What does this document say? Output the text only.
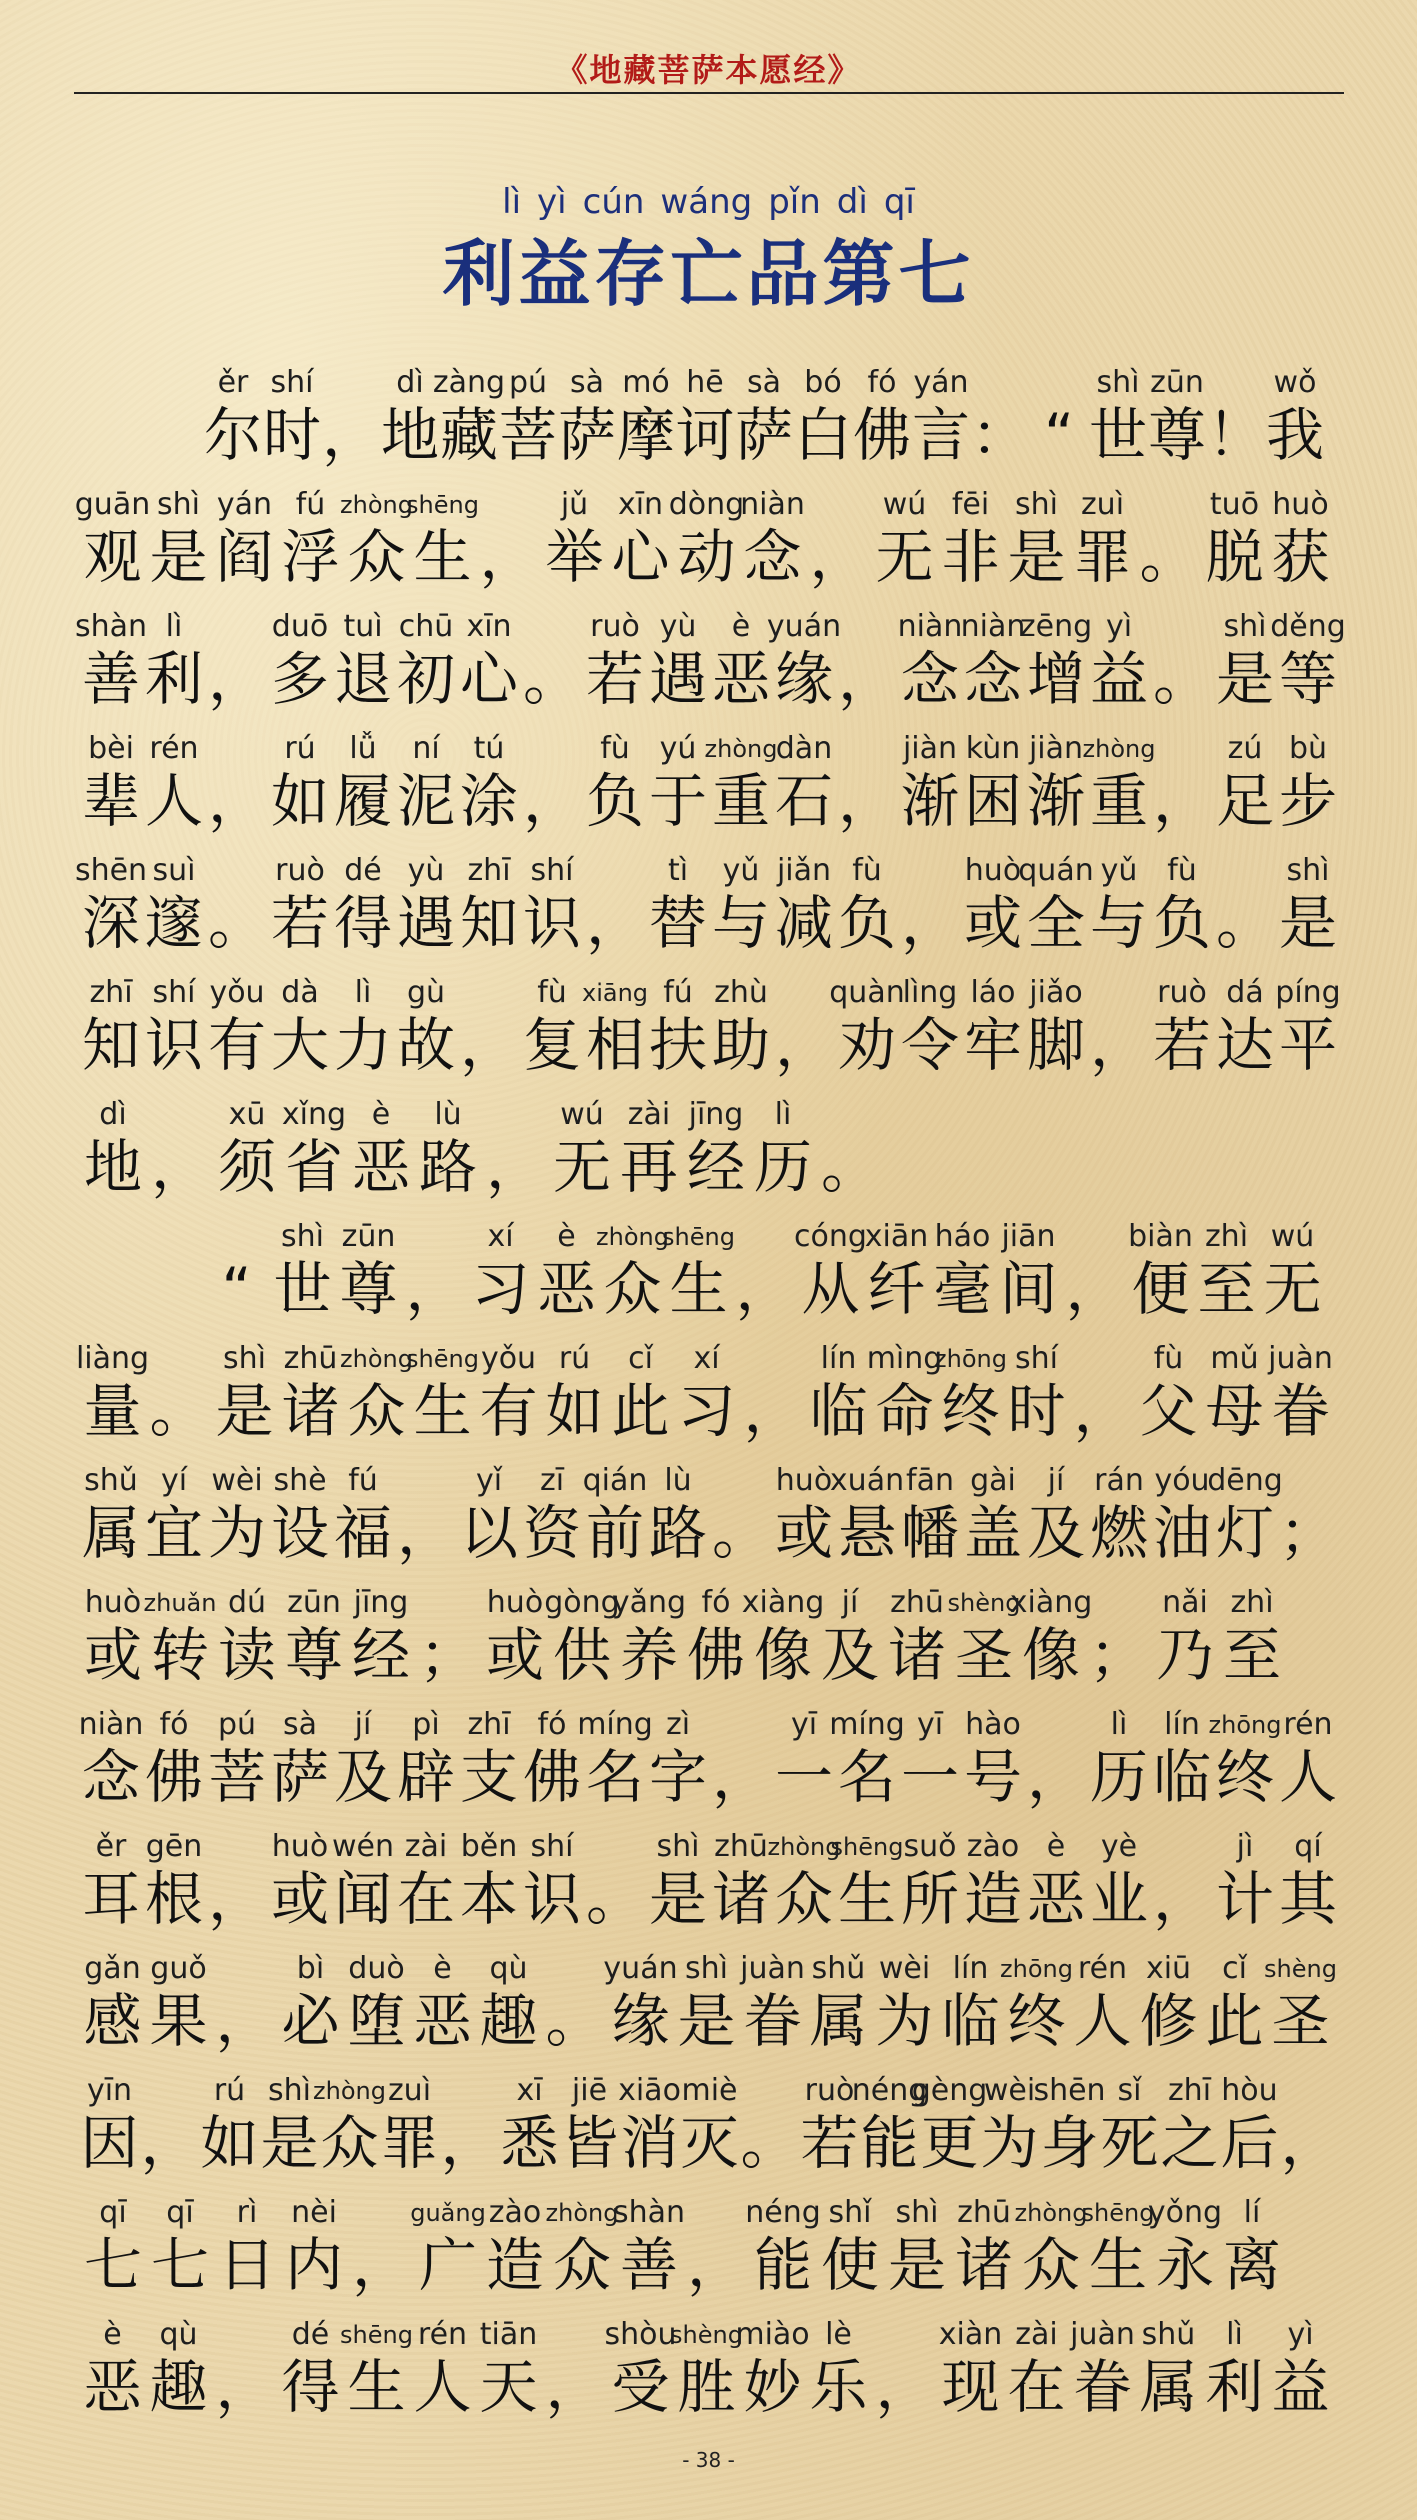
《地藏菩萨本愿经》
lì yì cún wáng pǐn dì qī
利益存亡品第七
ěr
尔
shí
时 ，
dì
地
zàng
藏
pú
菩
sà
萨
mó
摩
hē
诃
sà
萨
bó
白
fó
佛
yán
言 ： “
shì
世
zūn
尊 ！
wǒ
我
guān
观
shì
是
yán
阎
fú
浮
zhòng
众
shēng
生 ，
jǔ
举
xīn
心
dòng
动
niàn
念 ，
wú
无
fēi
非
shì
是
zuì
罪 。
tuō
脱
huò
获
shàn
善
lì
利 ，
duō
多
tuì
退
chū
初
xīn
心 。
ruò
若
yù
遇
è
恶
yuán
缘 ，
niàn
念
niàn
念
zēng
增
yì
益 。
shì
是
děng
等
bèi
辈
rén
人 ，
rú
如
lǚ
履
ní
泥
tú
涂 ，
fù
负
yú
于
zhòng
重
dàn
石 ，
jiàn
渐
kùn
困
jiàn
渐
zhòng
重 ，
zú
足
bù
步
shēn
深
suì
邃 。
ruò
若
dé
得
yù
遇
zhī
知
shí
识 ，
tì
替
yǔ
与
jiǎn
减
fù
负 ，
huò
或
quán
全
yǔ
与
fù
负 。
shì
是
zhī
知
shí
识
yǒu
有
dà
大
lì
力
gù
故 ，
fù
复
xiāng
相
fú
扶
zhù
助 ，
quàn
劝
lìng
令
láo
牢
jiǎo
脚 ，
ruò
若
dá
达
píng
平
dì
地 ，
xū
须
xǐng
省
è
恶
lù
路 ，
wú
无
zài
再
jīng
经
lì
历 。
“
shì
世
zūn
尊 ，
xí
习
è
恶
zhòng
众
shēng
生 ，
cóng
从
xiān
纤
háo
毫
jiān
间 ，
biàn
便
zhì
至
wú
无
liàng
量 。
shì
是
zhū
诸
zhòng
众
shēng
生
yǒu
有
rú
如
cǐ
此
xí
习 ，
lín
临
mìng
命
zhōng
终
shí
时 ，
fù
父
mǔ
母
juàn
眷
shǔ
属
yí
宜
wèi
为
shè
设
fú
福 ，
yǐ
以
zī
资
qián
前
lù
路 。
huò
或
xuán
悬
fān
幡
gài
盖
jí
及
rán
燃
yóu
油
dēng
灯 ；
huò
或
zhuǎn
转
dú
读
zūn
尊
jīng
经 ；
huò
或
gòng
供
yǎng
养
fó
佛
xiàng
像
jí
及
zhū
诸
shèng
圣
xiàng
像 ；
nǎi
乃
zhì
至
niàn
念
fó
佛
pú
菩
sà
萨
jí
及
pì
辟
zhī
支
fó
佛
míng
名
zì
字 ，
yī
一
míng
名
yī
一
hào
号 ，
lì
历
lín
临
zhōng
终
rén
人
ěr
耳
gēn
根 ，
huò
或
wén
闻
zài
在
běn
本
shí
识 。
shì
是
zhū
诸
zhòng
众
shēng
生
suǒ
所
zào
造
è
恶
yè
业 ，
jì
计
qí
其
gǎn
感
guǒ
果 ，
bì
必
duò
堕
è
恶
qù
趣 。
yuán
缘
shì
是
juàn
眷
shǔ
属
wèi
为
lín
临
zhōng
终
rén
人
xiū
修
cǐ
此
shèng
圣
yīn
因 ，
rú
如
shì
是
zhòng
众
zuì
罪 ，
xī
悉
jiē
皆
xiāo
消
miè
灭 。
ruò
若
néng
能
gèng
更
wèi
为
shēn
身
sǐ
死
zhī
之
hòu
后 ，
qī
七
qī
七
rì
日
nèi
内 ，
guǎng
广
zào
造
zhòng
众
shàn
善 ，
néng
能
shǐ
使
shì
是
zhū
诸
zhòng
众
shēng
生
yǒng
永
lí
离
è
恶
qù
趣 ，
dé
得
shēng
生
rén
人
tiān
天 ，
shòu
受
shèng
胜
miào
妙
lè
乐 ，
xiàn
现
zài
在
juàn
眷
shǔ
属
lì
利
yì
益
- 38 -
